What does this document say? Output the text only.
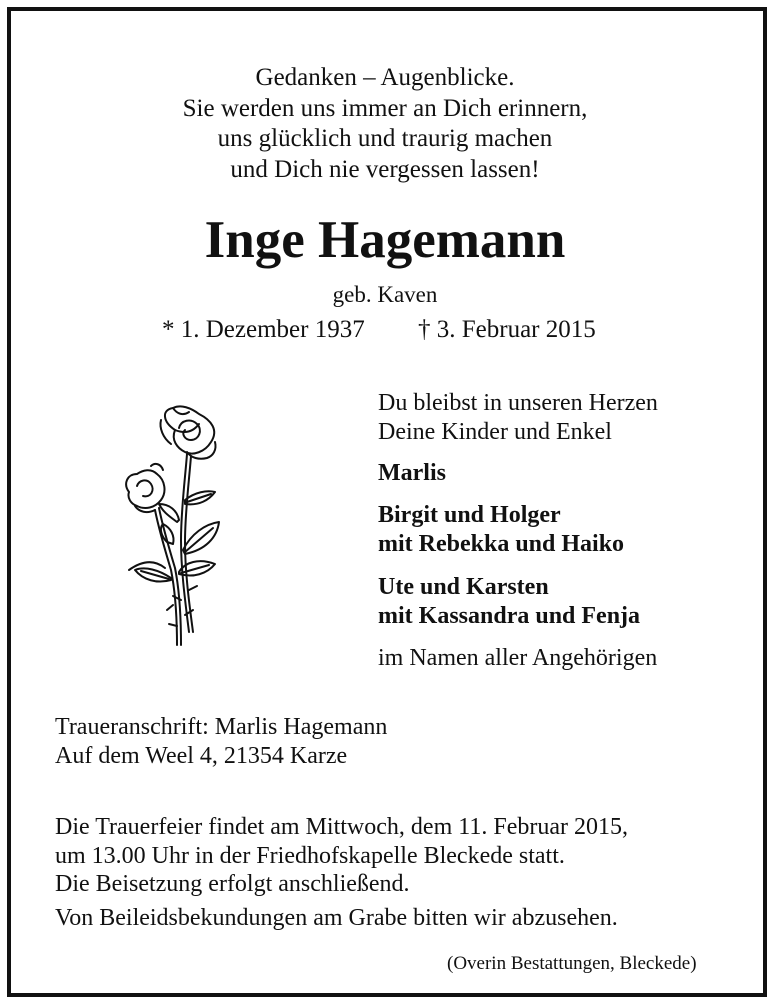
Gedanken – Augenblicke.
Sie werden uns immer an Dich erinnern,
uns glücklich und traurig machen
und Dich nie vergessen lassen!
Inge Hagemann
geb. Kaven
* 1. Dezember 1937 † 3. Februar 2015
Du bleibst in unseren Herzen
Deine Kinder und Enkel
Marlis
Birgit und Holger
mit Rebekka und Haiko
Ute und Karsten
mit Kassandra und Fenja
im Namen aller Angehörigen
Traueranschrift: Marlis Hagemann
Auf dem Weel 4, 21354 Karze
Die Trauerfeier findet am Mittwoch, dem 11. Februar 2015,
um 13.00 Uhr in der Friedhofskapelle Bleckede statt.
Die Beisetzung erfolgt anschließend.
Von Beileidsbekundungen am Grabe bitten wir abzusehen.
(Overin Bestattungen, Bleckede)
